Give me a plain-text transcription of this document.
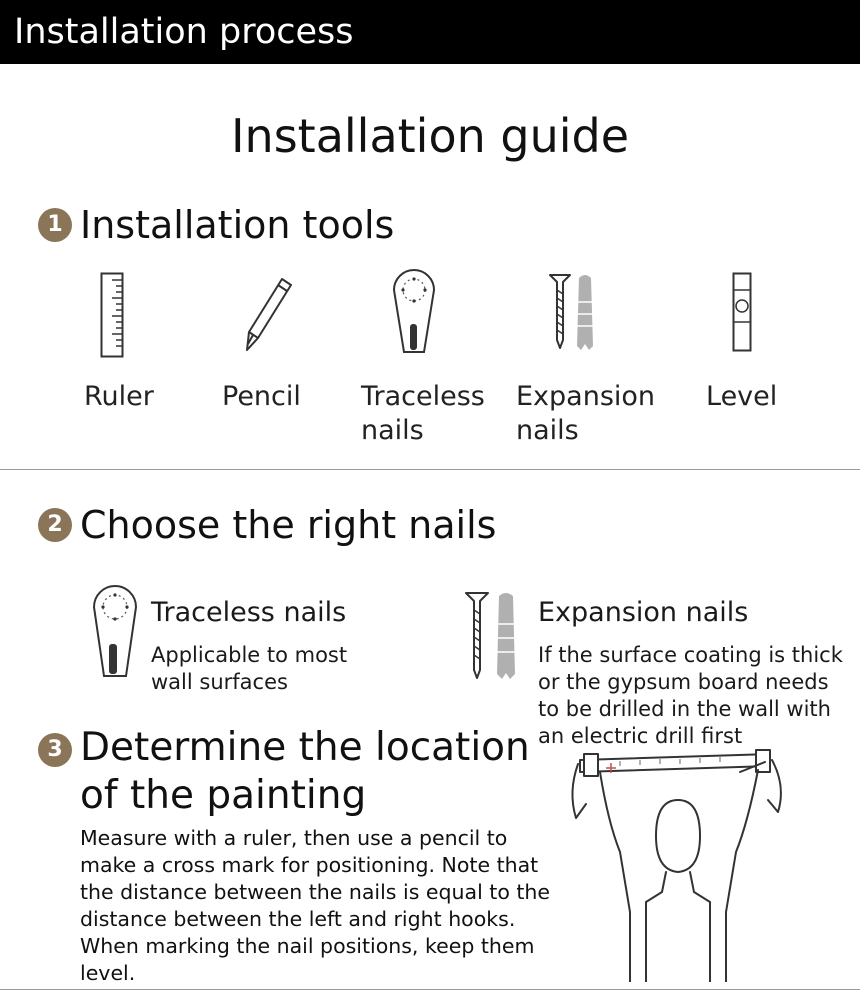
Installation process
Installation guide
1 Installation tools
Ruler	Pencil Traceless nails
Expansion nails
Level
2 Choose the right nails
Traceless nails
Applicable to most
wall surfaces
Expansion nails
If the surface coating is thick
or the gypsum board needs
to be drilled in the wall with
an electric drill first
3 Determine the location
of the painting
Measure with a ruler, then use a pencil to make a cross mark for positioning. Note that the distance between the nails is equal to the distance between the left and right hooks. When marking the nail positions, keep them level.
